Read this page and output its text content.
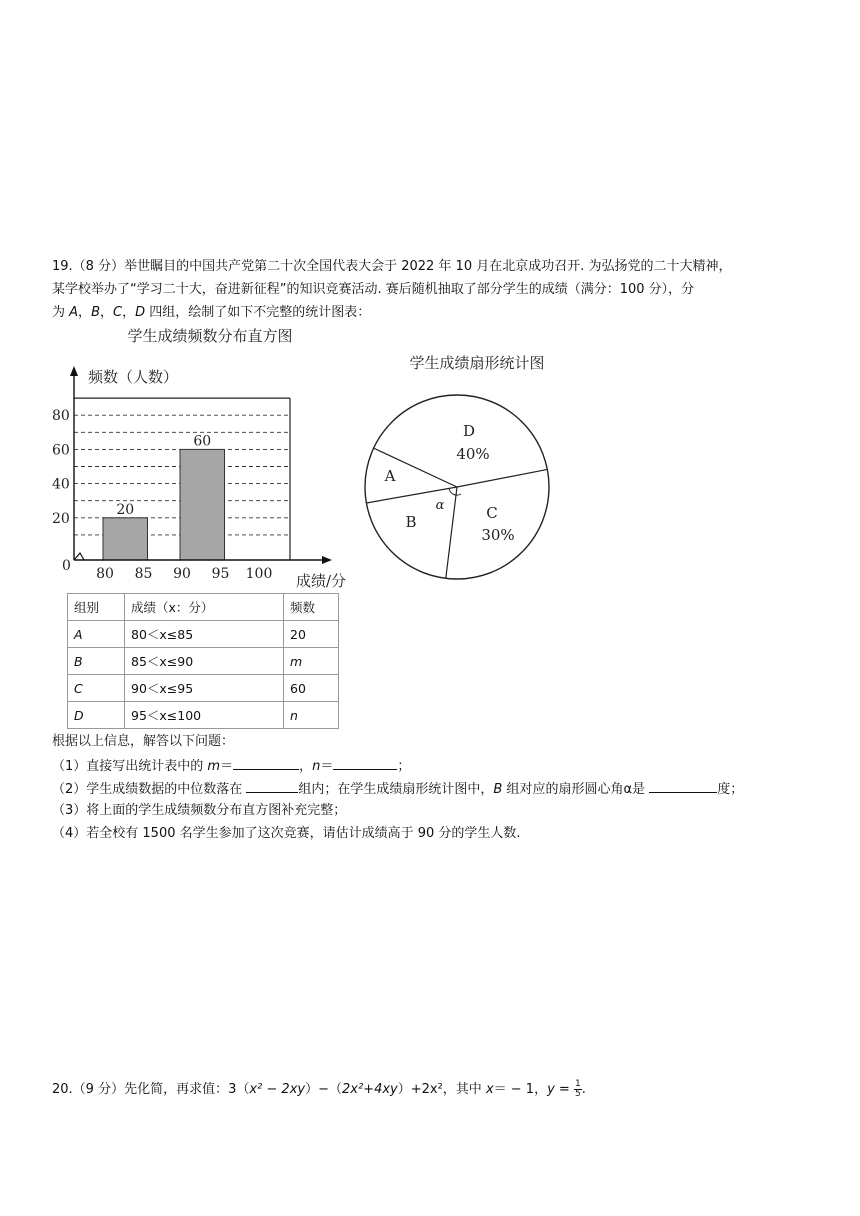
19.（8 分）举世瞩目的中国共产党第二十次全国代表大会于 2022 年 10 月在北京成功召开. 为弘扬党的二十大精神，
某学校举办了“学习二十大，奋进新征程”的知识竞赛活动. 赛后随机抽取了部分学生的成绩（满分：100 分），分
为 A，B，C，D 四组，绘制了如下不完整的统计图表：
学生成绩频数分布直方图
频数（人数）
成绩/分
20
60
0
20
40
60
80
80 85 90 95 100
学生成绩扇形统计图
D
40%
C
30%
B
A
α
组别	成绩（x：分）	频数
A	80＜x≤85	20
B	85＜x≤90	m
C	90＜x≤95	60
D	95＜x≤100	n
根据以上信息，解答以下问题：
（1）直接写出统计表中的 m＝	，n＝	；
（2）学生成绩数据的中位数落在	组内；在学生成绩扇形统计图中，B 组对应的扇形圆心角α是	度；
（3）将上面的学生成绩频数分布直方图补充完整；
（4）若全校有 1500 名学生参加了这次竞赛，请估计成绩高于 90 分的学生人数.
20.（9 分）先化简，再求值：3（x² − 2xy）−（2x²+4xy）+2x²，其中 x＝ − 1，$y = \frac{1}{5}$ .
